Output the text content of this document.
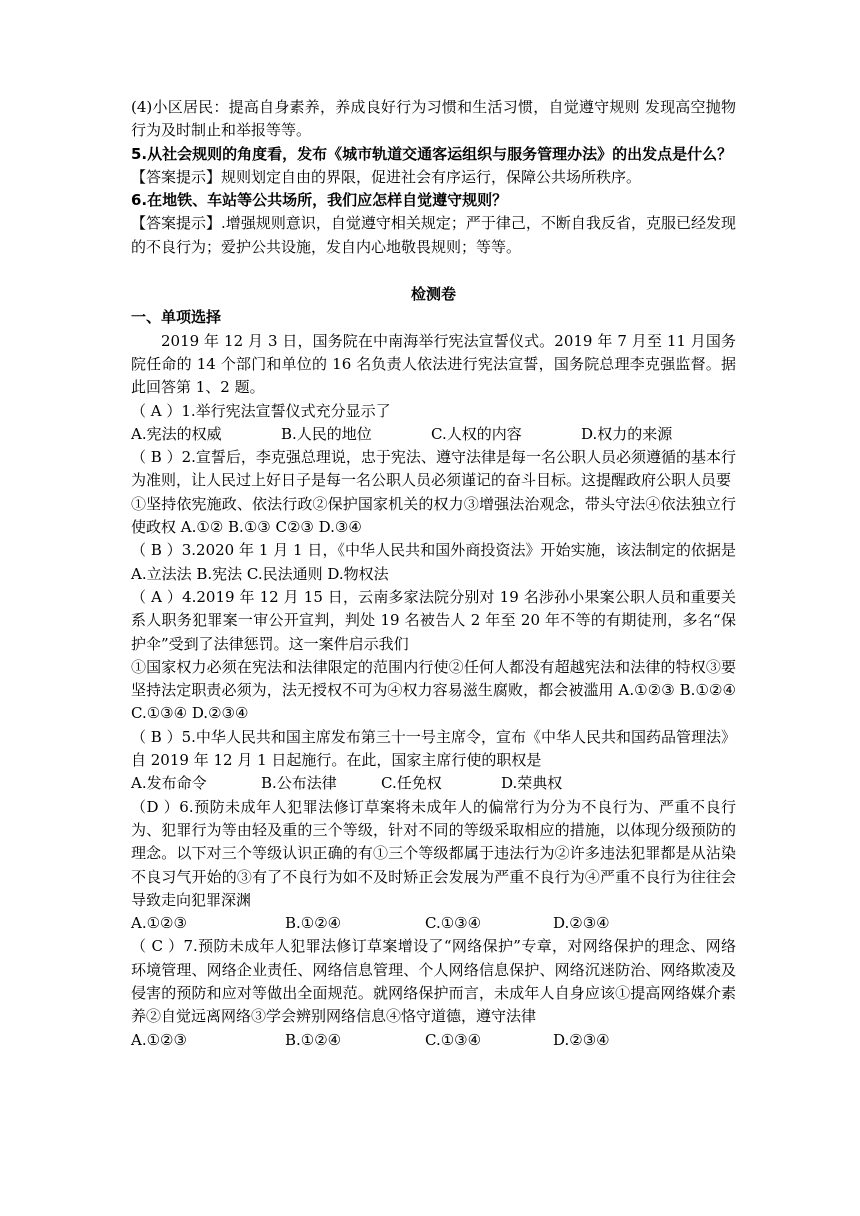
(4)小区居民：提高自身素养，养成良好行为习惯和生活习惯，自觉遵守规则 发现高空抛物行为及时制止和举报等等。

5.从社会规则的角度看，发布《城市轨道交通客运组织与服务管理办法》的出发点是什么？

【答案提示】规则划定自由的界限，促进社会有序运行，保障公共场所秩序。

6.在地铁、车站等公共场所，我们应怎样自觉遵守规则？

【答案提示】.增强规则意识，自觉遵守相关规定；严于律己，不断自我反省，克服已经发现的不良行为；爱护公共设施，发自内心地敬畏规则；等等。

检测卷

一、单项选择

2019 年 12 月 3 日，国务院在中南海举行宪法宣誓仪式。2019 年 7 月至 11 月国务院任命的 14 个部门和单位的 16 名负责人依法进行宪法宣誓，国务院总理李克强监督。据此回答第 1、2 题。

（ A ）1.举行宪法宣誓仪式充分显示了

A.宪法的权威	B.人民的地位	C.人权的内容	D.权力的来源

（ B ）2.宣誓后，李克强总理说，忠于宪法、遵守法律是每一名公职人员必须遵循的基本行为准则，让人民过上好日子是每一名公职人员必须谨记的奋斗目标。这提醒政府公职人员要

①坚持依宪施政、依法行政②保护国家机关的权力③增强法治观念，带头守法④依法独立行使政权 A.①② B.①③ C②③ D.③④

（ B ）3.2020 年 1 月 1 日，《中华人民共和国外商投资法》开始实施，该法制定的依据是 A.立法法 B.宪法 C.民法通则 D.物权法

（ A ）4.2019 年 12 月 15 日，云南多家法院分别对 19 名涉孙小果案公职人员和重要关系人职务犯罪案一审公开宣判，判处 19 名被告人 2 年至 20 年不等的有期徒刑，多名“保护伞”受到了法律惩罚。这一案件启示我们

①国家权力必须在宪法和法律限定的范围内行使②任何人都没有超越宪法和法律的特权③要坚持法定职责必须为，法无授权不可为④权力容易滋生腐败，都会被滥用 A.①②③ B.①②④ C.①③④ D.②③④

（ B ）5.中华人民共和国主席发布第三十一号主席令，宣布《中华人民共和国药品管理法》自 2019 年 12 月 1 日起施行。在此，国家主席行使的职权是

A.发布命令	B.公布法律	C.任免权	D.荣典权

（D ）6.预防未成年人犯罪法修订草案将未成年人的偏常行为分为不良行为、严重不良行为、犯罪行为等由轻及重的三个等级，针对不同的等级采取相应的措施，以体现分级预防的理念。以下对三个等级认识正确的有①三个等级都属于违法行为②许多违法犯罪都是从沾染不良习气开始的③有了不良行为如不及时矫正会发展为严重不良行为④严重不良行为往往会导致走向犯罪深渊

A.①②③	B.①②④	C.①③④	D.②③④

（ C ）7.预防未成年人犯罪法修订草案增设了“网络保护”专章，对网络保护的理念、网络环境管理、网络企业责任、网络信息管理、个人网络信息保护、网络沉迷防治、网络欺凌及侵害的预防和应对等做出全面规范。就网络保护而言，未成年人自身应该①提高网络媒介素养②自觉远离网络③学会辨别网络信息④恪守道德，遵守法律

A.①②③	B.①②④	C.①③④	D.②③④
